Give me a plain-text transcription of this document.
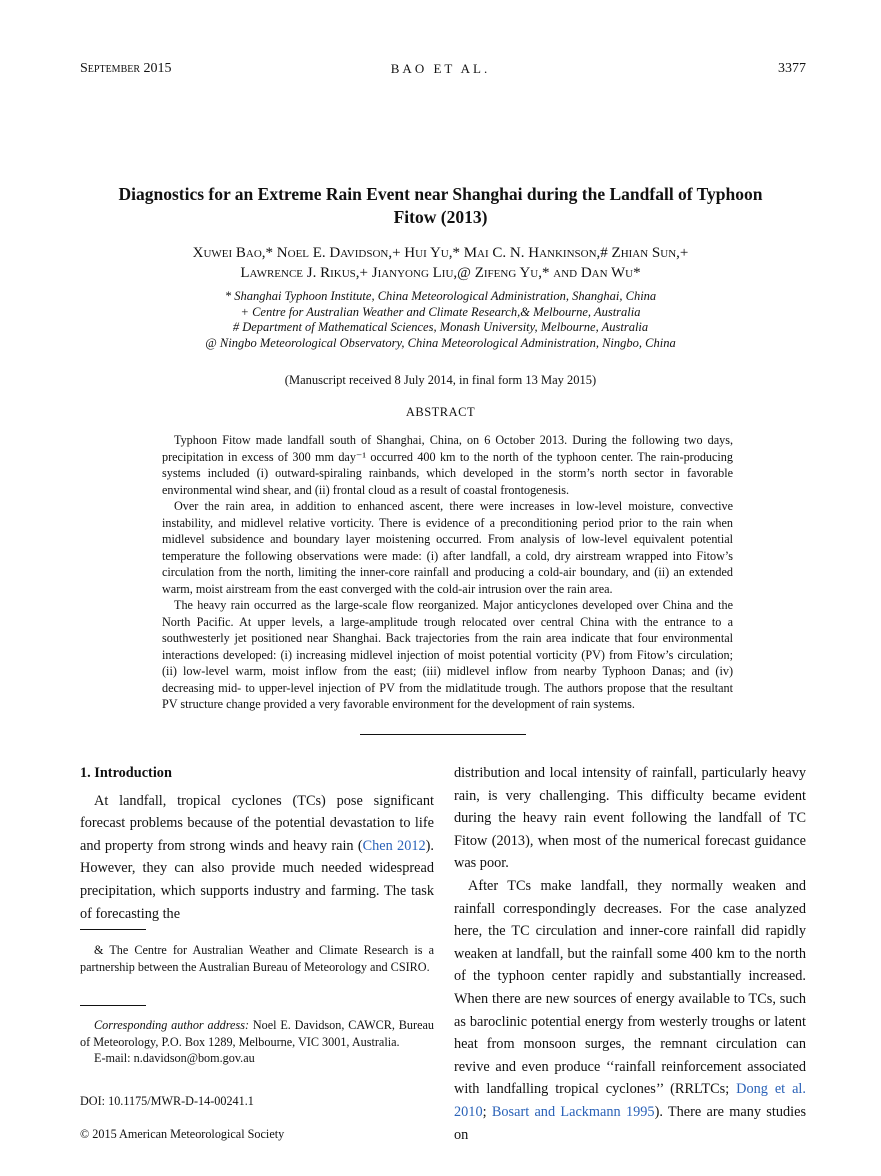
September 2015	BAO ET AL.	3377
Diagnostics for an Extreme Rain Event near Shanghai during the Landfall of Typhoon Fitow (2013)
Xuwei Bao,* Noel E. Davidson,+ Hui Yu,* Mai C. N. Hankinson,# Zhian Sun,+
Lawrence J. Rikus,+ Jianyong Liu,@ Zifeng Yu,* and Dan Wu*
* Shanghai Typhoon Institute, China Meteorological Administration, Shanghai, China
+ Centre for Australian Weather and Climate Research,& Melbourne, Australia
# Department of Mathematical Sciences, Monash University, Melbourne, Australia
@ Ningbo Meteorological Observatory, China Meteorological Administration, Ningbo, China
(Manuscript received 8 July 2014, in final form 13 May 2015)
ABSTRACT

Typhoon Fitow made landfall south of Shanghai, China, on 6 October 2013. During the following two days, precipitation in excess of 300 mm day⁻¹ occurred 400 km to the north of the typhoon center. The rain-producing systems included (i) outward-spiraling rainbands, which developed in the storm’s north sector in favorable environmental wind shear, and (ii) frontal cloud as a result of coastal frontogenesis.

Over the rain area, in addition to enhanced ascent, there were increases in low-level moisture, convective instability, and midlevel relative vorticity. There is evidence of a preconditioning period prior to the rain when midlevel subsidence and boundary layer moistening occurred. From analysis of low-level equivalent potential temperature the following observations were made: (i) after landfall, a cold, dry airstream wrapped into Fitow’s circulation from the north, limiting the inner-core rainfall and producing a cold-air boundary, and (ii) an extended warm, moist airstream from the east converged with the cold-air intrusion over the rain area.

The heavy rain occurred as the large-scale flow reorganized. Major anticyclones developed over China and the North Pacific. At upper levels, a large-amplitude trough relocated over central China with the entrance to a southwesterly jet positioned near Shanghai. Back trajectories from the rain area indicate that four environmental interactions developed: (i) increasing midlevel injection of moist potential vorticity (PV) from Fitow’s circulation; (ii) low-level warm, moist inflow from the east; (iii) midlevel inflow from nearby Typhoon Danas; and (iv) decreasing mid- to upper-level injection of PV from the midlatitude trough. The authors propose that the resultant PV structure change provided a very favorable environment for the development of rain systems.

1. Introduction

At landfall, tropical cyclones (TCs) pose significant forecast problems because of the potential devastation to life and property from strong winds and heavy rain (Chen 2012). However, they can also provide much needed widespread precipitation, which supports industry and farming. The task of forecasting the

& The Centre for Australian Weather and Climate Research is a partnership between the Australian Bureau of Meteorology and CSIRO.

Corresponding author address: Noel E. Davidson, CAWCR, Bureau of Meteorology, P.O. Box 1289, Melbourne, VIC 3001, Australia.

E-mail: n.davidson@bom.gov.au

DOI: 10.1175/MWR-D-14-00241.1
© 2015 American Meteorological Society

distribution and local intensity of rainfall, particularly heavy rain, is very challenging. This difficulty became evident during the heavy rain event following the landfall of TC Fitow (2013), when most of the numerical forecast guidance was poor.

After TCs make landfall, they normally weaken and rainfall correspondingly decreases. For the case analyzed here, the TC circulation and inner-core rainfall did rapidly weaken at landfall, but the rainfall some 400 km to the north of the typhoon center rapidly and substantially increased. When there are new sources of energy available to TCs, such as baroclinic potential energy from westerly troughs or latent heat from monsoon surges, the remnant circulation can revive and even produce ‘‘rainfall reinforcement associated with landfalling tropical cyclones’’ (RRLTCs; Dong et al. 2010; Bosart and Lackmann 1995). There are many studies on
